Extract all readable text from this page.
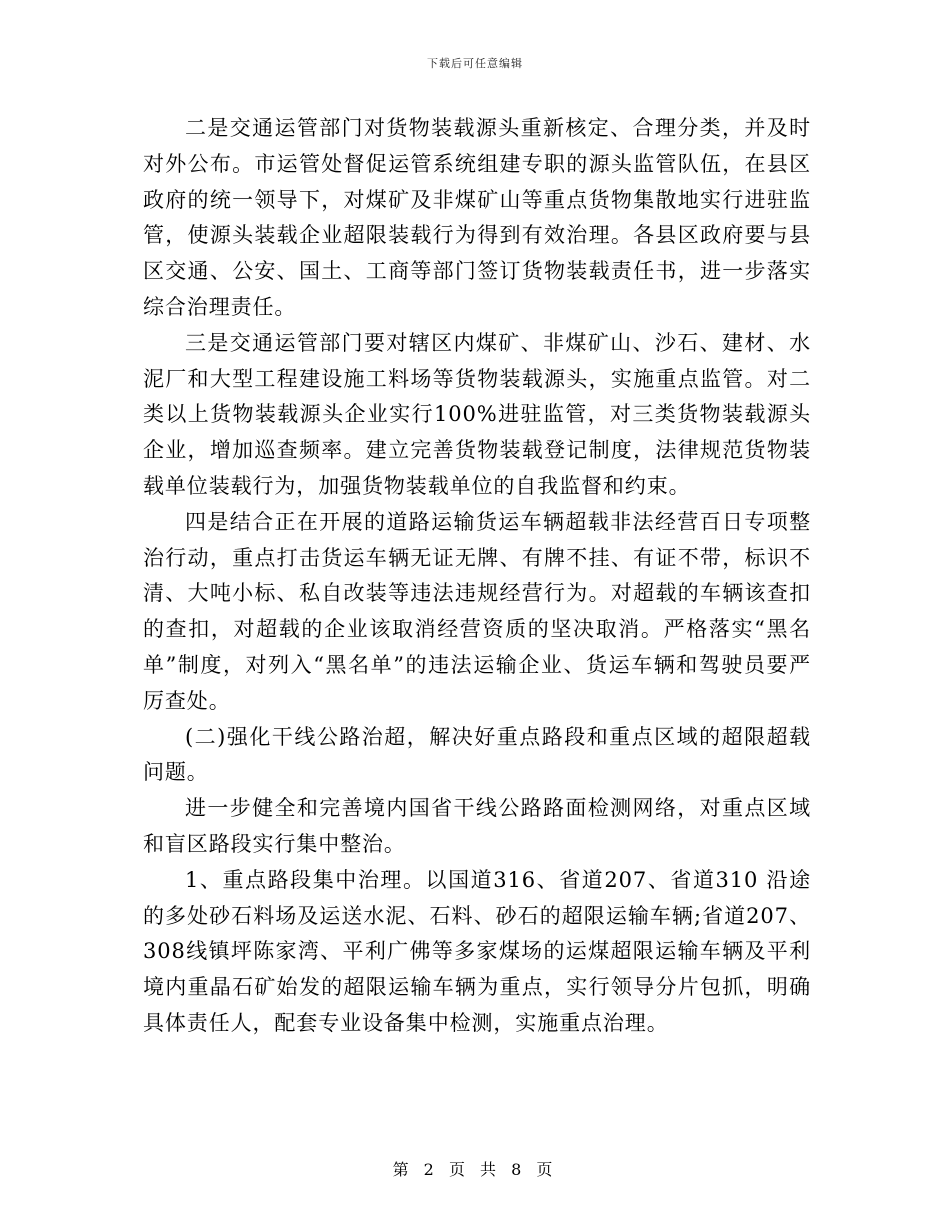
下载后可任意编辑

二是交通运管部门对货物装载源头重新核定、合理分类，并及时对外公布。市运管处督促运管系统组建专职的源头监管队伍，在县区政府的统一领导下，对煤矿及非煤矿山等重点货物集散地实行进驻监管，使源头装载企业超限装载行为得到有效治理。各县区政府要与县区交通、公安、国土、工商等部门签订货物装载责任书，进一步落实综合治理责任。

三是交通运管部门要对辖区内煤矿、非煤矿山、沙石、建材、水泥厂和大型工程建设施工料场等货物装载源头，实施重点监管。对二类以上货物装载源头企业实行100%进驻监管，对三类货物装载源头企业，增加巡查频率。建立完善货物装载登记制度，法律规范货物装载单位装载行为，加强货物装载单位的自我监督和约束。

四是结合正在开展的道路运输货运车辆超载非法经营百日专项整治行动，重点打击货运车辆无证无牌、有牌不挂、有证不带，标识不清、大吨小标、私自改装等违法违规经营行为。对超载的车辆该查扣的查扣，对超载的企业该取消经营资质的坚决取消。严格落实“黑名单”制度，对列入“黑名单”的违法运输企业、货运车辆和驾驶员要严厉查处。

(二)强化干线公路治超，解决好重点路段和重点区域的超限超载问题。

进一步健全和完善境内国省干线公路路面检测网络，对重点区域和盲区路段实行集中整治。

1、重点路段集中治理。以国道316、省道207、省道310 沿途的多处砂石料场及运送水泥、石料、砂石的超限运输车辆;省道207、308线镇坪陈家湾、平利广佛等多家煤场的运煤超限运输车辆及平利境内重晶石矿始发的超限运输车辆为重点，实行领导分片包抓，明确具体责任人，配套专业设备集中检测，实施重点治理。

第 2 页 共 8 页
